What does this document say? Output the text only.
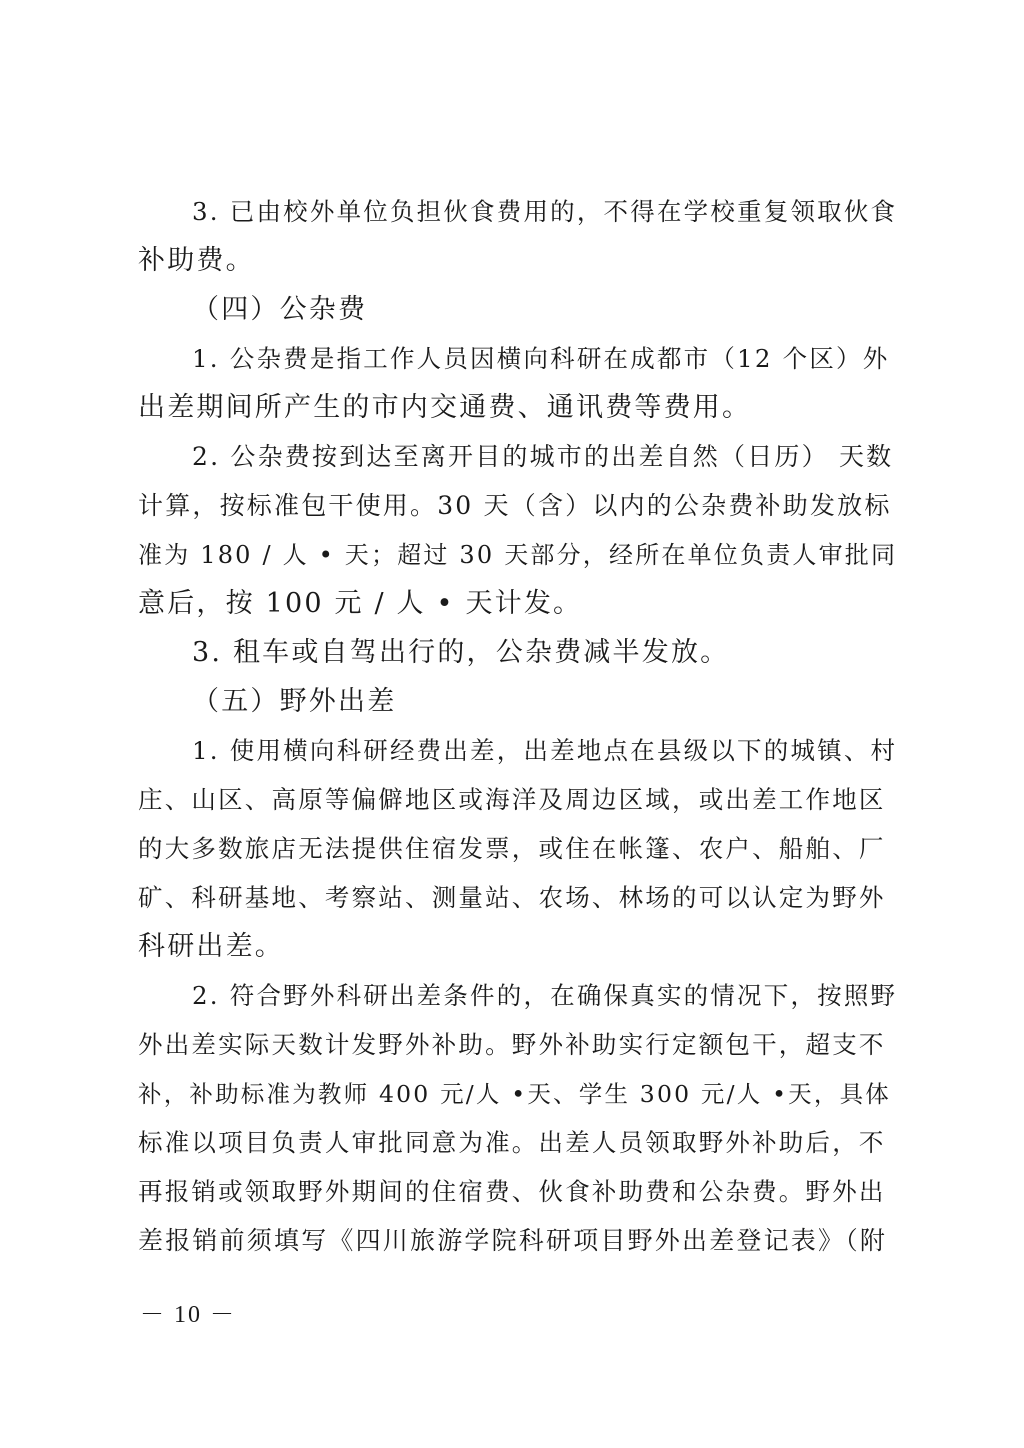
3. 已由校外单位负担伙食费用的，不得在学校重复领取伙食
补助费。
（四）公杂费
1. 公杂费是指工作人员因横向科研在成都市（12 个区）外
出差期间所产生的市内交通费、通讯费等费用。
2. 公杂费按到达至离开目的城市的出差自然（日历） 天数
计算，按标准包干使用。30 天（含）以内的公杂费补助发放标
准为 180 / 人 • 天；超过 30 天部分，经所在单位负责人审批同
意后，按 100 元 / 人 • 天计发。
3. 租车或自驾出行的，公杂费减半发放。
（五）野外出差
1. 使用横向科研经费出差，出差地点在县级以下的城镇、村
庄、山区、高原等偏僻地区或海洋及周边区域，或出差工作地区
的大多数旅店无法提供住宿发票，或住在帐篷、农户、船舶、厂
矿、科研基地、考察站、测量站、农场、林场的可以认定为野外
科研出差。
2. 符合野外科研出差条件的，在确保真实的情况下，按照野
外出差实际天数计发野外补助。野外补助实行定额包干，超支不
补，补助标准为教师 400 元/人 •天、学生 300 元/人 •天，具体
标准以项目负责人审批同意为准。出差人员领取野外补助后，不
再报销或领取野外期间的住宿费、伙食补助费和公杂费。野外出
差报销前须填写《四川旅游学院科研项目野外出差登记表》（附
－ 10 －
